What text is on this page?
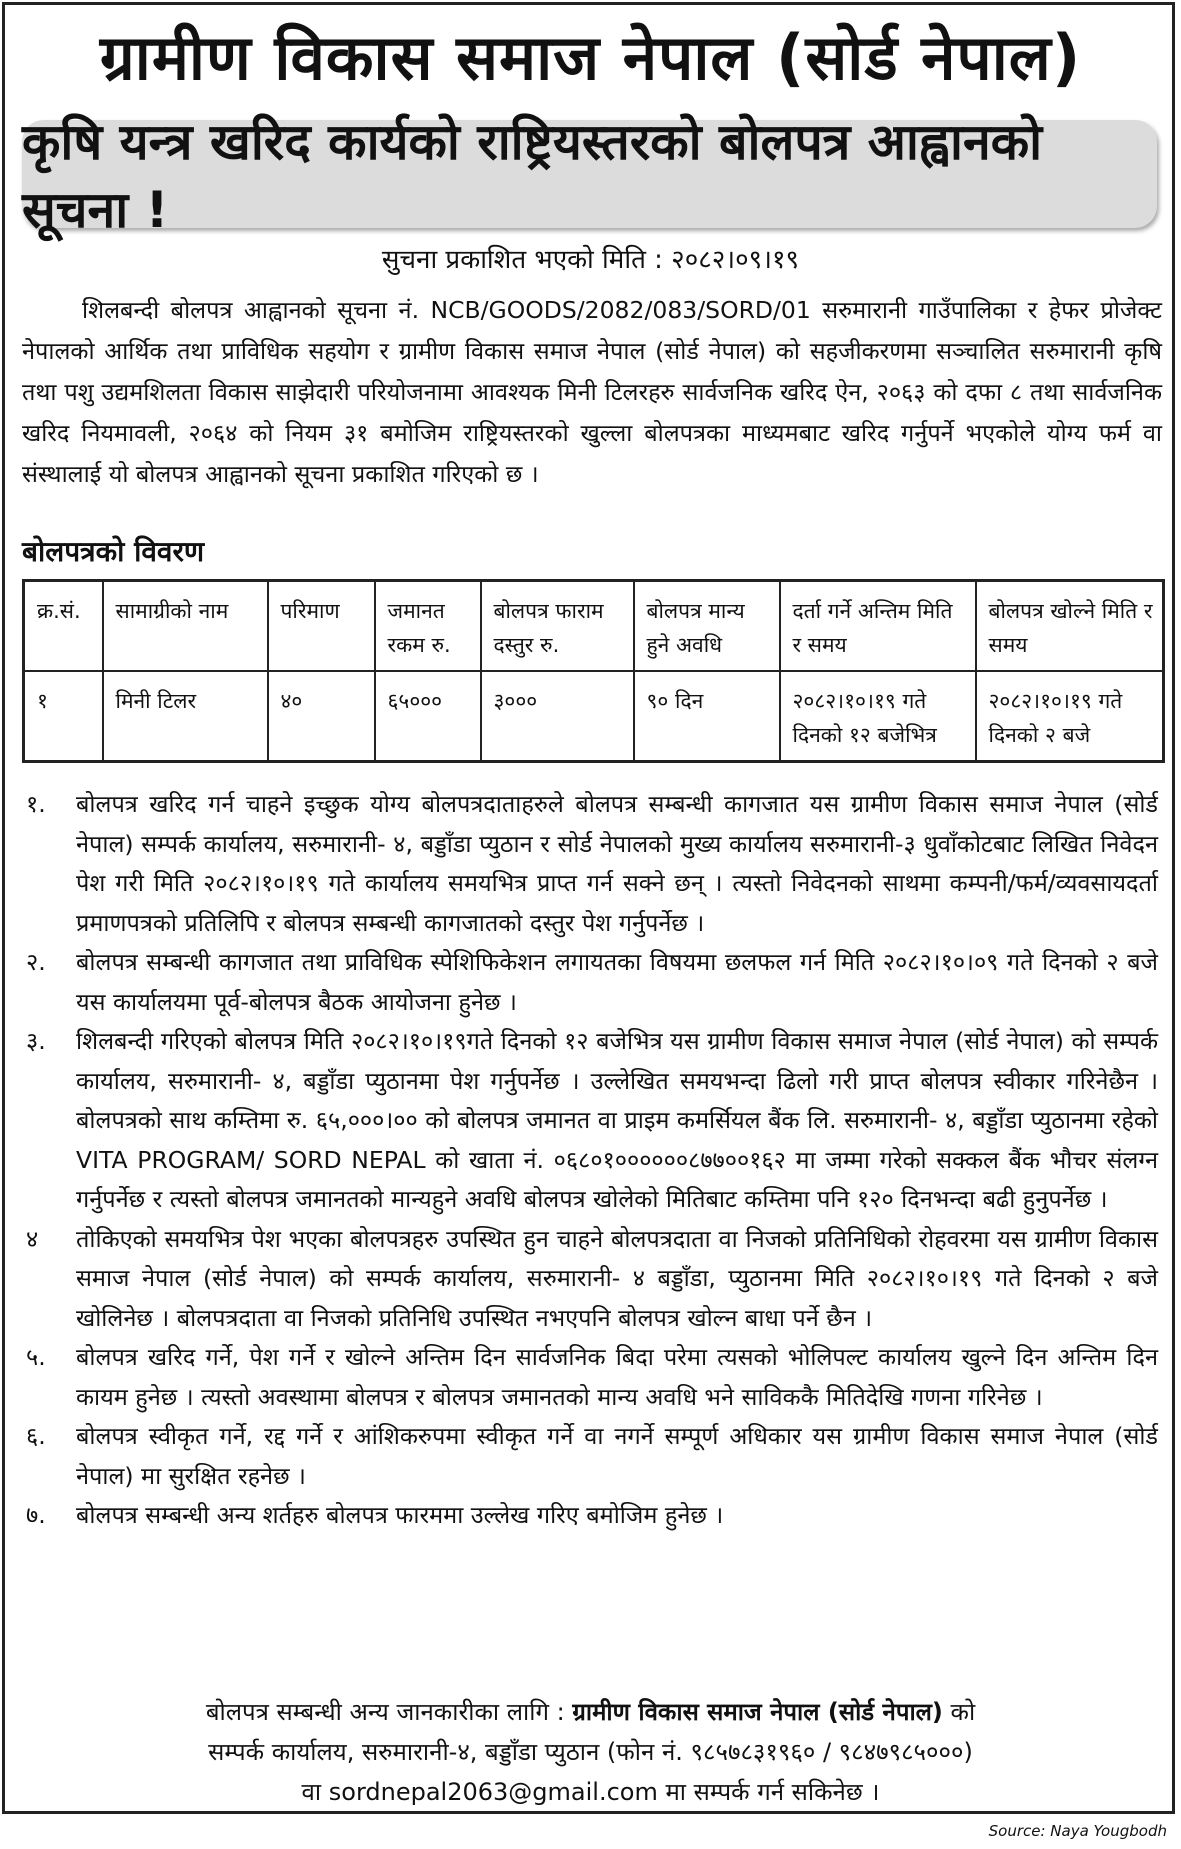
ग्रामीण विकास समाज नेपाल (सोर्ड नेपाल)
कृषि यन्त्र खरिद कार्यको राष्ट्रियस्तरको बोलपत्र आह्वानको सूचना !
सुचना प्रकाशित भएको मिति : २०८२।०९।१९
शिलबन्दी बोलपत्र आह्वानको सूचना नं. NCB/GOODS/2082/083/SORD/01 सरुमारानी गाउँपालिका र हेफर प्रोजेक्ट नेपालको आर्थिक तथा प्राविधिक सहयोग र ग्रामीण विकास समाज नेपाल (सोर्ड नेपाल) को सहजीकरणमा सञ्चालित सरुमारानी कृषि तथा पशु उद्यमशिलता विकास साझेदारी परियोजनामा आवश्यक मिनी टिलरहरु सार्वजनिक खरिद ऐन, २०६३ को दफा ८ तथा सार्वजनिक खरिद नियमावली, २०६४ को नियम ३१ बमोजिम राष्ट्रियस्तरको खुल्ला बोलपत्रका माध्यमबाट खरिद गर्नुपर्ने भएकोले योग्य फर्म वा संस्थालाई यो बोलपत्र आह्वानको सूचना प्रकाशित गरिएको छ ।
बोलपत्रको विवरण
क्र.सं.	सामाग्रीको नाम	परिमाण	जमानत रकम रु.	बोलपत्र फाराम दस्तुर रु.	बोलपत्र मान्य हुने अवधि	दर्ता गर्ने अन्तिम मिति र समय	बोलपत्र खोल्ने मिति र समय
१	मिनी टिलर	४०	६५०००	३०००	९० दिन	२०८२।१०।१९ गते दिनको १२ बजेभित्र	२०८२।१०।१९ गते दिनको २ बजे
१.	बोलपत्र खरिद गर्न चाहने इच्छुक योग्य बोलपत्रदाताहरुले बोलपत्र सम्बन्धी कागजात यस ग्रामीण विकास समाज नेपाल (सोर्ड नेपाल) सम्पर्क कार्यालय, सरुमारानी- ४, बड्डाँडा प्युठान र सोर्ड नेपालको मुख्य कार्यालय सरुमारानी-३ धुवाँकोटबाट लिखित निवेदन पेश गरी मिति २०८२।१०।१९ गते कार्यालय समयभित्र प्राप्त गर्न सक्ने छन् । त्यस्तो निवेदनको साथमा कम्पनी/फर्म/व्यवसायदर्ता प्रमाणपत्रको प्रतिलिपि र बोलपत्र सम्बन्धी कागजातको दस्तुर पेश गर्नुपर्नेछ ।
२.	बोलपत्र सम्बन्धी कागजात तथा प्राविधिक स्पेशिफिकेशन लगायतका विषयमा छलफल गर्न मिति २०८२।१०।०९ गते दिनको २ बजे यस कार्यालयमा पूर्व-बोलपत्र बैठक आयोजना हुनेछ ।
३.	शिलबन्दी गरिएको बोलपत्र मिति २०८२।१०।१९गते दिनको १२ बजेभित्र यस ग्रामीण विकास समाज नेपाल (सोर्ड नेपाल) को सम्पर्क कार्यालय, सरुमारानी- ४, बड्डाँडा प्युठानमा पेश गर्नुपर्नेछ । उल्लेखित समयभन्दा ढिलो गरी प्राप्त बोलपत्र स्वीकार गरिनेछैन । बोलपत्रको साथ कम्तिमा रु. ६५,०००।०० को बोलपत्र जमानत वा प्राइम कमर्सियल बैंक लि. सरुमारानी- ४, बड्डाँडा प्युठानमा रहेको VITA PROGRAM/ SORD NEPAL को खाता नं. ०६८०१००००००८७७००१६२ मा जम्मा गरेको सक्कल बैंक भौचर संलग्न गर्नुपर्नेछ र त्यस्तो बोलपत्र जमानतको मान्यहुने अवधि बोलपत्र खोलेको मितिबाट कम्तिमा पनि १२० दिनभन्दा बढी हुनुपर्नेछ ।
४	तोकिएको समयभित्र पेश भएका बोलपत्रहरु उपस्थित हुन चाहने बोलपत्रदाता वा निजको प्रतिनिधिको रोहवरमा यस ग्रामीण विकास समाज नेपाल (सोर्ड नेपाल) को सम्पर्क कार्यालय, सरुमारानी- ४ बड्डाँडा, प्युठानमा मिति २०८२।१०।१९ गते दिनको २ बजे खोलिनेछ । बोलपत्रदाता वा निजको प्रतिनिधि उपस्थित नभएपनि बोलपत्र खोल्न बाधा पर्ने छैन ।
५.	बोलपत्र खरिद गर्ने, पेश गर्ने र खोल्ने अन्तिम दिन सार्वजनिक बिदा परेमा त्यसको भोलिपल्ट कार्यालय खुल्ने दिन अन्तिम दिन कायम हुनेछ । त्यस्तो अवस्थामा बोलपत्र र बोलपत्र जमानतको मान्य अवधि भने साविककै मितिदेखि गणना गरिनेछ ।
६.	बोलपत्र स्वीकृत गर्ने, रद्द गर्ने र आंशिकरुपमा स्वीकृत गर्ने वा नगर्ने सम्पूर्ण अधिकार यस ग्रामीण विकास समाज नेपाल (सोर्ड नेपाल) मा सुरक्षित रहनेछ ।
७.	बोलपत्र सम्बन्धी अन्य शर्तहरु बोलपत्र फारममा उल्लेख गरिए बमोजिम हुनेछ ।
बोलपत्र सम्बन्धी अन्य जानकारीका लागि : ग्रामीण विकास समाज नेपाल (सोर्ड नेपाल) को
सम्पर्क कार्यालय, सरुमारानी-४, बड्डाँडा प्युठान (फोन नं. ९८५७८३१९६० / ९८४७९८५०००)
वा sordnepal2063@gmail.com मा सम्पर्क गर्न सकिनेछ ।
Source: Naya Yougbodh
